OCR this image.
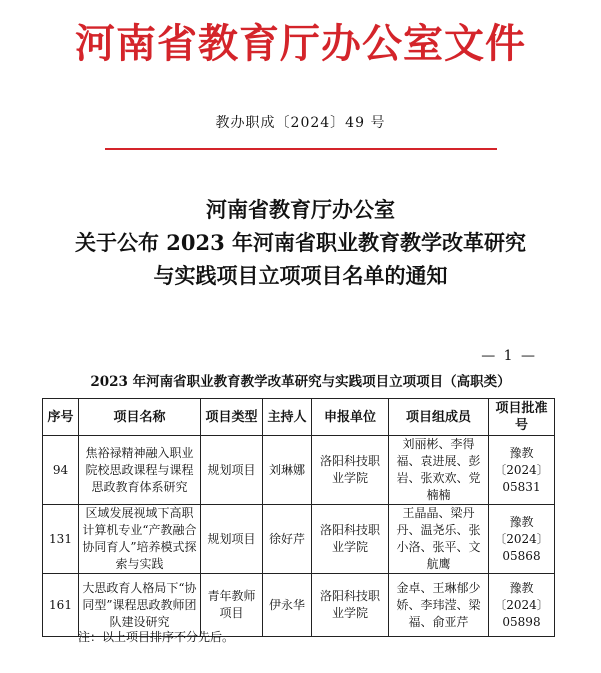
河南省教育厅办公室文件
教办职成〔2024〕49 号
河南省教育厅办公室
关于公布 2023 年河南省职业教育教学改革研究
与实践项目立项项目名单的通知
— 1 —
2023 年河南省职业教育教学改革研究与实践项目立项项目（高职类）
序号	项目名称	项目类型	主持人	申报单位	项目组成员	项目批准号
94	焦裕禄精神融入职业院校思政课程与课程思政教育体系研究	规划项目	刘琳娜	洛阳科技职业学院	刘丽彬、李得福、袁进展、彭岩、张欢欢、党楠楠	豫教〔2024〕05831
131	区域发展视域下高职计算机专业“产教融合协同育人”培养模式探索与实践	规划项目	徐好芹	洛阳科技职业学院	王晶晶、梁丹丹、温尧乐、张小洛、张平、文航鹰	豫教〔2024〕05868
161	大思政育人格局下“协同型”课程思政教师团队建设研究	青年教师项目	伊永华	洛阳科技职业学院	金卓、王琳郁少娇、李玮滢、梁福、俞亚芹	豫教〔2024〕05898
注：以上项目排序不分先后。
